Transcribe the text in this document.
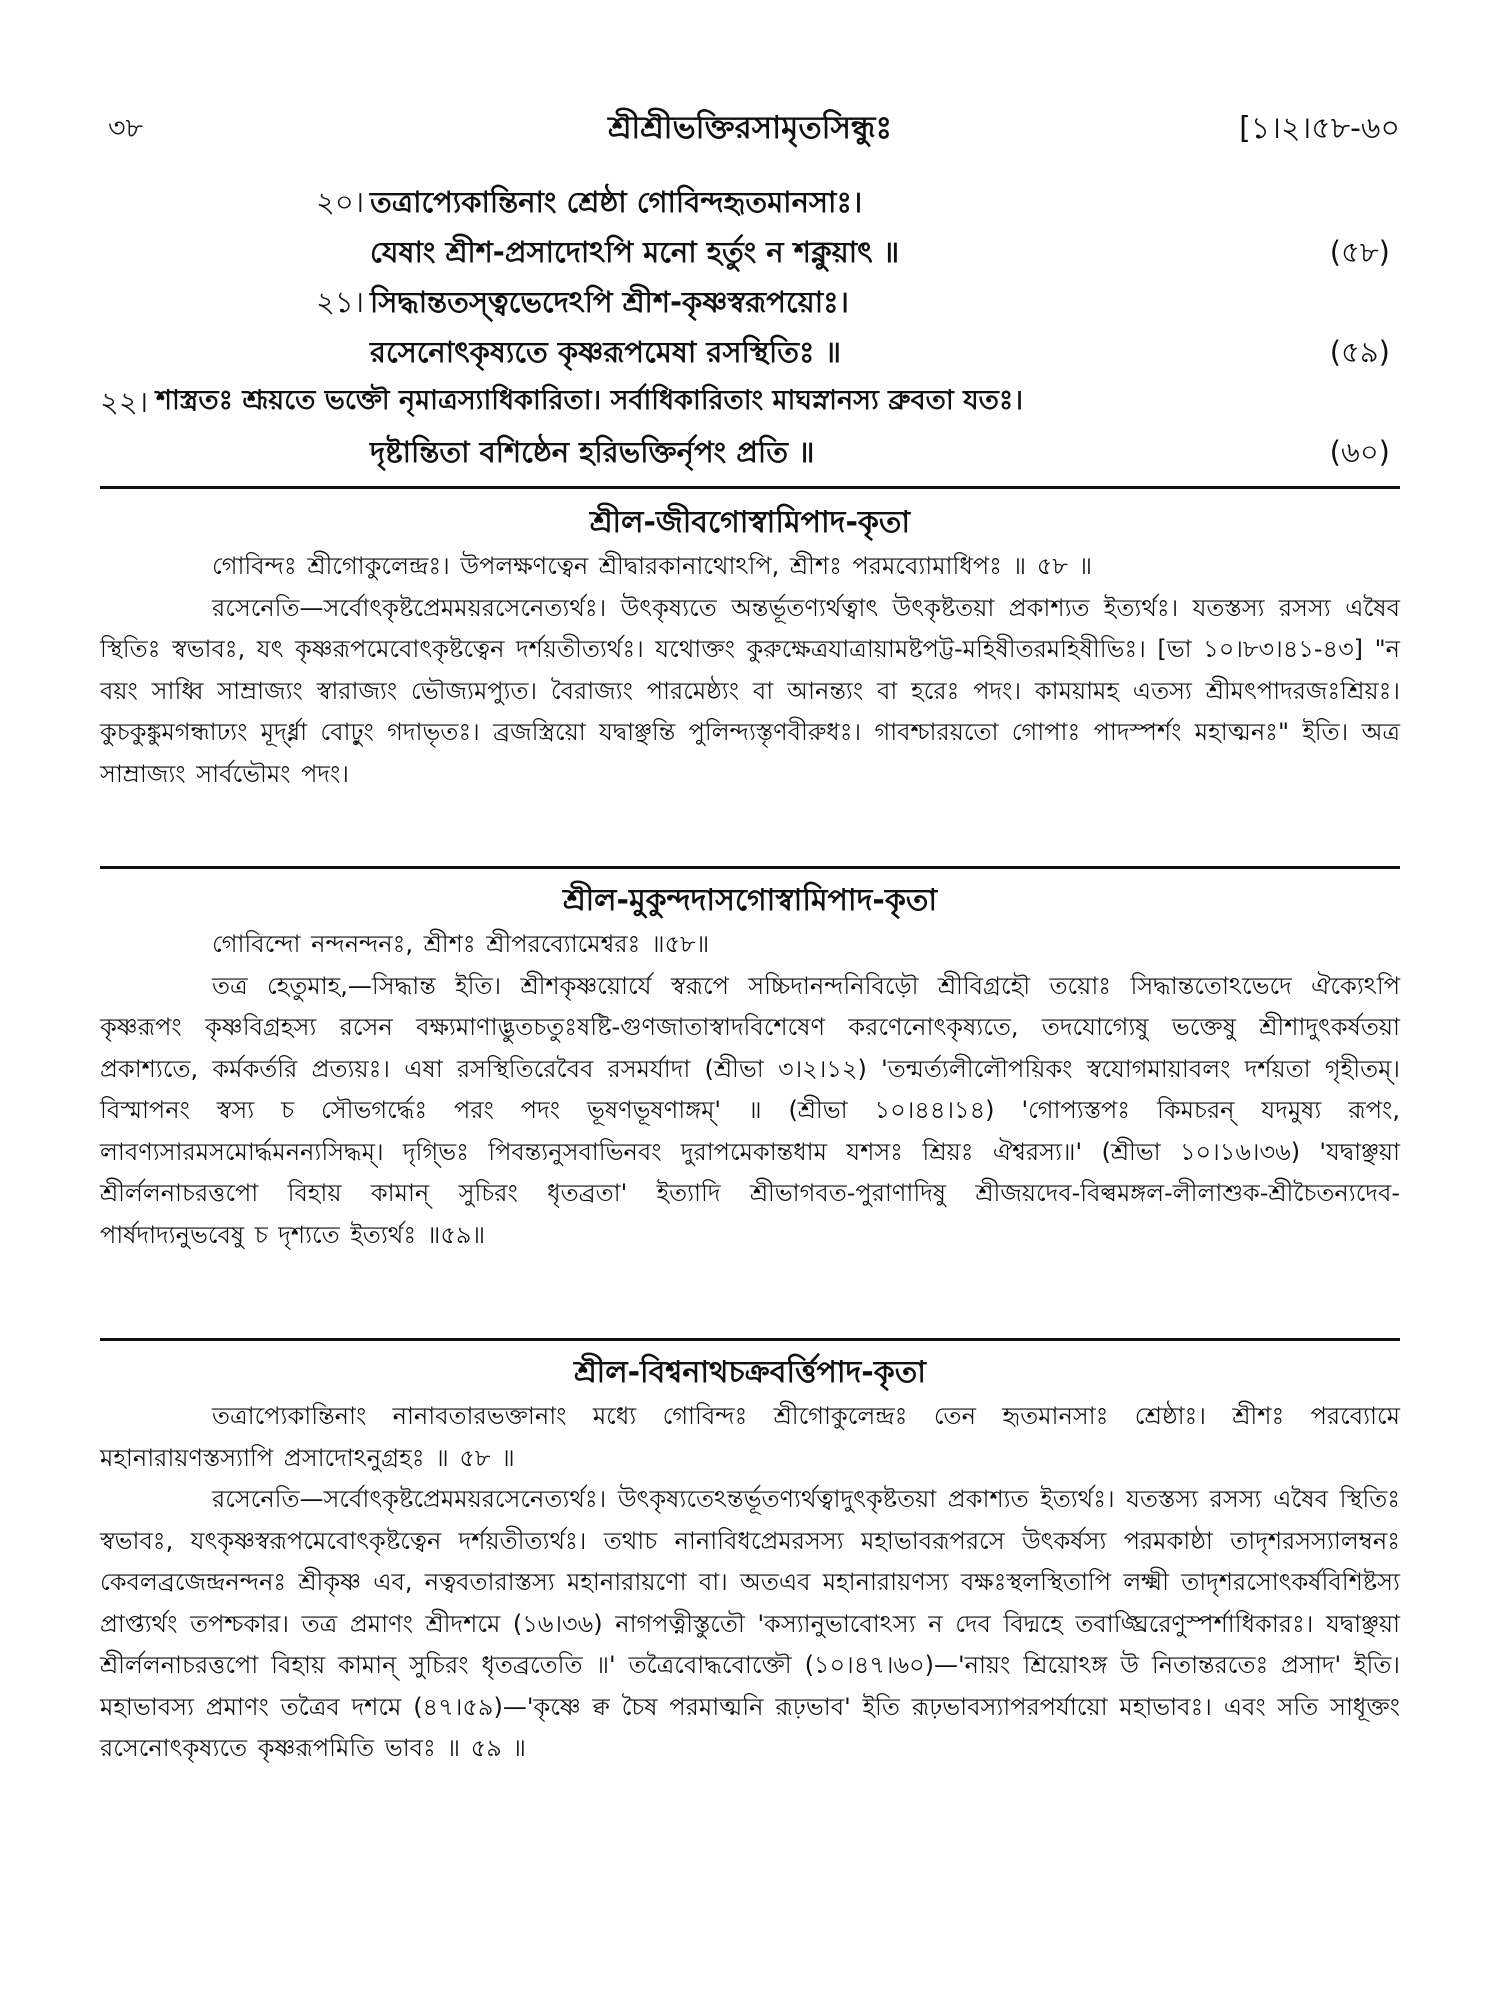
৩৮	শ্রীশ্রীভক্তিরসামৃতসিন্ধুঃ	[১।২।৫৮-৬০
২০। তত্রাপ্যেকান্তিনাং শ্রেষ্ঠা গোবিন্দহৃতমানসাঃ।
যেষাং শ্রীশ-প্রসাদোঽপি মনো হর্তুং ন শক্নুয়াৎ ॥	(৫৮)
২১। সিদ্ধান্ততস্ত্বভেদেঽপি শ্রীশ-কৃষ্ণস্বরূপয়োঃ।
রসেনোৎকৃষ্যতে কৃষ্ণরূপমেষা রসস্থিতিঃ ॥	(৫৯)
২২। শাস্ত্রতঃ শ্রূয়তে ভক্তৌ নৃমাত্রস্যাধিকারিতা। সর্বাধিকারিতাং মাঘস্নানস্য ব্রুবতা যতঃ।
দৃষ্টান্তিতা বশিষ্ঠেন হরিভক্তির্নৃপং প্রতি ॥	(৬০)
শ্রীল-জীবগোস্বামিপাদ-কৃতা

গোবিন্দঃ শ্রীগোকুলেন্দ্রঃ। উপলক্ষণত্বেন শ্রীদ্বারকানাথোঽপি, শ্রীশঃ পরমব্যোমাধিপঃ ॥ ৫৮ ॥

রসেনেতি—সর্বোৎকৃষ্টপ্রেমময়রসেনেত্যর্থঃ। উৎকৃষ্যতে অন্তর্ভূতণ্যর্থত্বাৎ উৎকৃষ্টতয়া প্রকাশ্যত ইত্যর্থঃ। যতস্তস্য রসস্য এষৈব স্থিতিঃ স্বভাবঃ, যৎ কৃষ্ণরূপমেবোৎকৃষ্টত্বেন দর্শয়তীত্যর্থঃ। যথোক্তং কুরুক্ষেত্রযাত্রায়ামষ্টপট্ট-মহিষীতরমহিষীভিঃ। [ভা ১০।৮৩।৪১-৪৩] "ন বয়ং সাধ্বি সাম্রাজ্যং স্বারাজ্যং ভৌজ্যমপ্যুত। বৈরাজ্যং পারমেষ্ঠ্যং বা আনন্ত্যং বা হরেঃ পদং। কাময়ামহ এতস্য শ্রীমৎপাদরজঃশ্রিয়ঃ। কুচকুঙ্কুমগন্ধাঢ্যং মূর্দ্ধ্না বোঢ়ুং গদাভৃতঃ। ব্রজস্ত্রিয়ো যদ্বাঞ্ছন্তি পুলিন্দ্যস্তৃণবীরুধঃ। গাবশ্চারয়তো গোপাঃ পাদস্পর্শং মহাত্মনঃ" ইতি। অত্র সাম্রাজ্যং সার্বভৌমং পদং।

শ্রীল-মুকুন্দদাসগোস্বামিপাদ-কৃতা

গোবিন্দো নন্দনন্দনঃ, শ্রীশঃ শ্রীপরব্যোমেশ্বরঃ ॥৫৮॥

তত্র হেতুমাহ,—সিদ্ধান্ত ইতি। শ্রীশকৃষ্ণয়োর্যে স্বরূপে সচ্চিদানন্দনিবিড়ৌ শ্রীবিগ্রহৌ তয়োঃ সিদ্ধান্ততোঽভেদে ঐক্যেঽপি কৃষ্ণরূপং কৃষ্ণবিগ্রহস্য রসেন বক্ষ্যমাণাদ্ভুতচতুঃষষ্টি-গুণজাতাস্বাদবিশেষেণ করণেনোৎকৃষ্যতে, তদযোগ্যেষু ভক্তেষু শ্রীশাদুৎকর্ষতয়া প্রকাশ্যতে, কর্মকর্তরি প্রত্যয়ঃ। এষা রসস্থিতিরেবৈব রসমর্যাদা (শ্রীভা ৩।২।১২) 'তন্মর্ত্যলীলৌপয়িকং স্বযোগমায়াবলং দর্শয়তা গৃহীতম্। বিস্মাপনং স্বস্য চ সৌভগর্দ্ধেঃ পরং পদং ভূষণভূষণাঙ্গম্' ॥ (শ্রীভা ১০।৪৪।১৪) 'গোপ্যস্তপঃ কিমচরন্ যদমুষ্য রূপং, লাবণ্যসারমসমোর্দ্ধমনন্যসিদ্ধম্। দৃগ্ভিঃ পিবন্ত্যনুসবাভিনবং দুরাপমেকান্তধাম যশসঃ শ্রিয়ঃ ঐশ্বরস্য॥' (শ্রীভা ১০।১৬।৩৬) 'যদ্বাঞ্ছয়া শ্রীর্ললনাচরত্তপো বিহায় কামান্ সুচিরং ধৃতব্রতা' ইত্যাদি শ্রীভাগবত-পুরাণাদিষু শ্রীজয়দেব-বিল্বমঙ্গল-লীলাশুক-শ্রীচৈতন্যদেব-পার্ষদাদ্যনুভবেষু চ দৃশ্যতে ইত্যর্থঃ ॥৫৯॥

শ্রীল-বিশ্বনাথচক্রবর্ত্তিপাদ-কৃতা

তত্রাপ্যেকান্তিনাং নানাবতারভক্তানাং মধ্যে গোবিন্দঃ শ্রীগোকুলেন্দ্রঃ তেন হৃতমানসাঃ শ্রেষ্ঠাঃ। শ্রীশঃ পরব্যোমে মহানারায়ণস্তস্যাপি প্রসাদোঽনুগ্রহঃ ॥ ৫৮ ॥

রসেনেতি—সর্বোৎকৃষ্টপ্রেমময়রসেনেত্যর্থঃ। উৎকৃষ্যতেঽন্তর্ভূতণ্যর্থত্বাদুৎকৃষ্টতয়া প্রকাশ্যত ইত্যর্থঃ। যতস্তস্য রসস্য এষৈব স্থিতিঃ স্বভাবঃ, যৎকৃষ্ণস্বরূপমেবোৎকৃষ্টত্বেন দর্শয়তীত্যর্থঃ। তথাচ নানাবিধপ্রেমরসস্য মহাভাবরূপরসে উৎকর্ষস্য পরমকাষ্ঠা তাদৃশরসস্যালম্বনঃ কেবলব্রজেন্দ্রনন্দনঃ শ্রীকৃষ্ণ এব, নত্ববতারাস্তস্য মহানারায়ণো বা। অতএব মহানারায়ণস্য বক্ষঃস্থলস্থিতাপি লক্ষ্মী তাদৃশরসোৎকর্ষবিশিষ্টস্য প্রাপ্ত্যর্থং তপশ্চকার। তত্র প্রমাণং শ্রীদশমে (১৬।৩৬) নাগপত্নীস্তুতৌ 'কস্যানুভাবোঽস্য ন দেব বিদ্মহে তবাঙ্ঘ্রিরেণুস্পর্শাধিকারঃ। যদ্বাঞ্ছয়া শ্রীর্ললনাচরত্তপো বিহায় কামান্ সুচিরং ধৃতব্রতেতি ॥' তত্রৈবোদ্ধবোক্তৌ (১০।৪৭।৬০)—'নায়ং শ্রিয়োঽঙ্গ উ নিতান্তরতেঃ প্রসাদ' ইতি। মহাভাবস্য প্রমাণং তত্রৈব দশমে (৪৭।৫৯)—'কৃষ্ণে ক্ব চৈষ পরমাত্মনি রূঢ়ভাব' ইতি রূঢ়ভাবস্যাপরপর্যায়ো মহাভাবঃ। এবং সতি সাধূক্তং রসেনোৎকৃষ্যতে কৃষ্ণরূপমিতি ভাবঃ ॥ ৫৯ ॥
